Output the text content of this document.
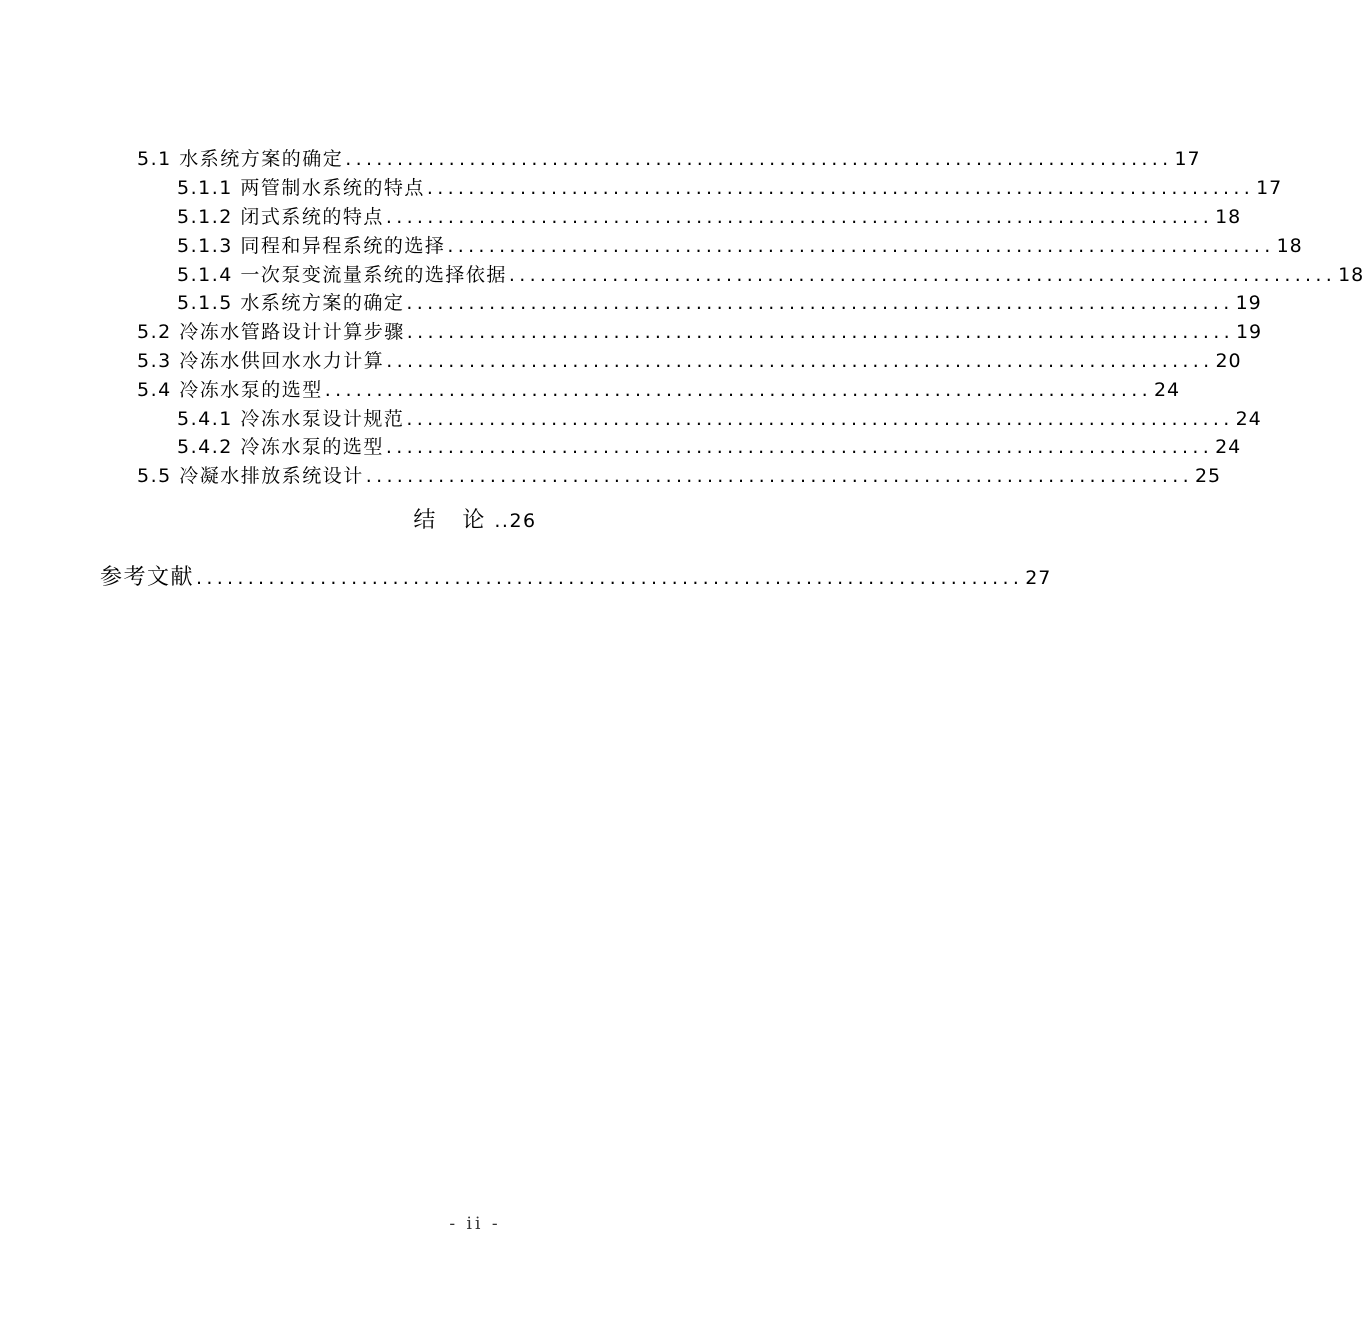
5.1 水系统方案的确定 ................................................................................ 17
5.1.1 两管制水系统的特点 ................................................................................ 17
5.1.2 闭式系统的特点 ................................................................................ 18
5.1.3 同程和异程系统的选择 ................................................................................ 18
5.1.4 一次泵变流量系统的选择依据 ................................................................................ 18
5.1.5 水系统方案的确定 ................................................................................ 19
5.2 冷冻水管路设计计算步骤 ................................................................................ 19
5.3 冷冻水供回水水力计算 ................................................................................ 20
5.4 冷冻水泵的选型 ................................................................................ 24
5.4.1 冷冻水泵设计规范 ................................................................................ 24
5.4.2 冷冻水泵的选型 ................................................................................ 24
5.5 冷凝水排放系统设计 ................................................................................ 25
结 论..26
参考文献 ................................................................................ 27
- ii -
